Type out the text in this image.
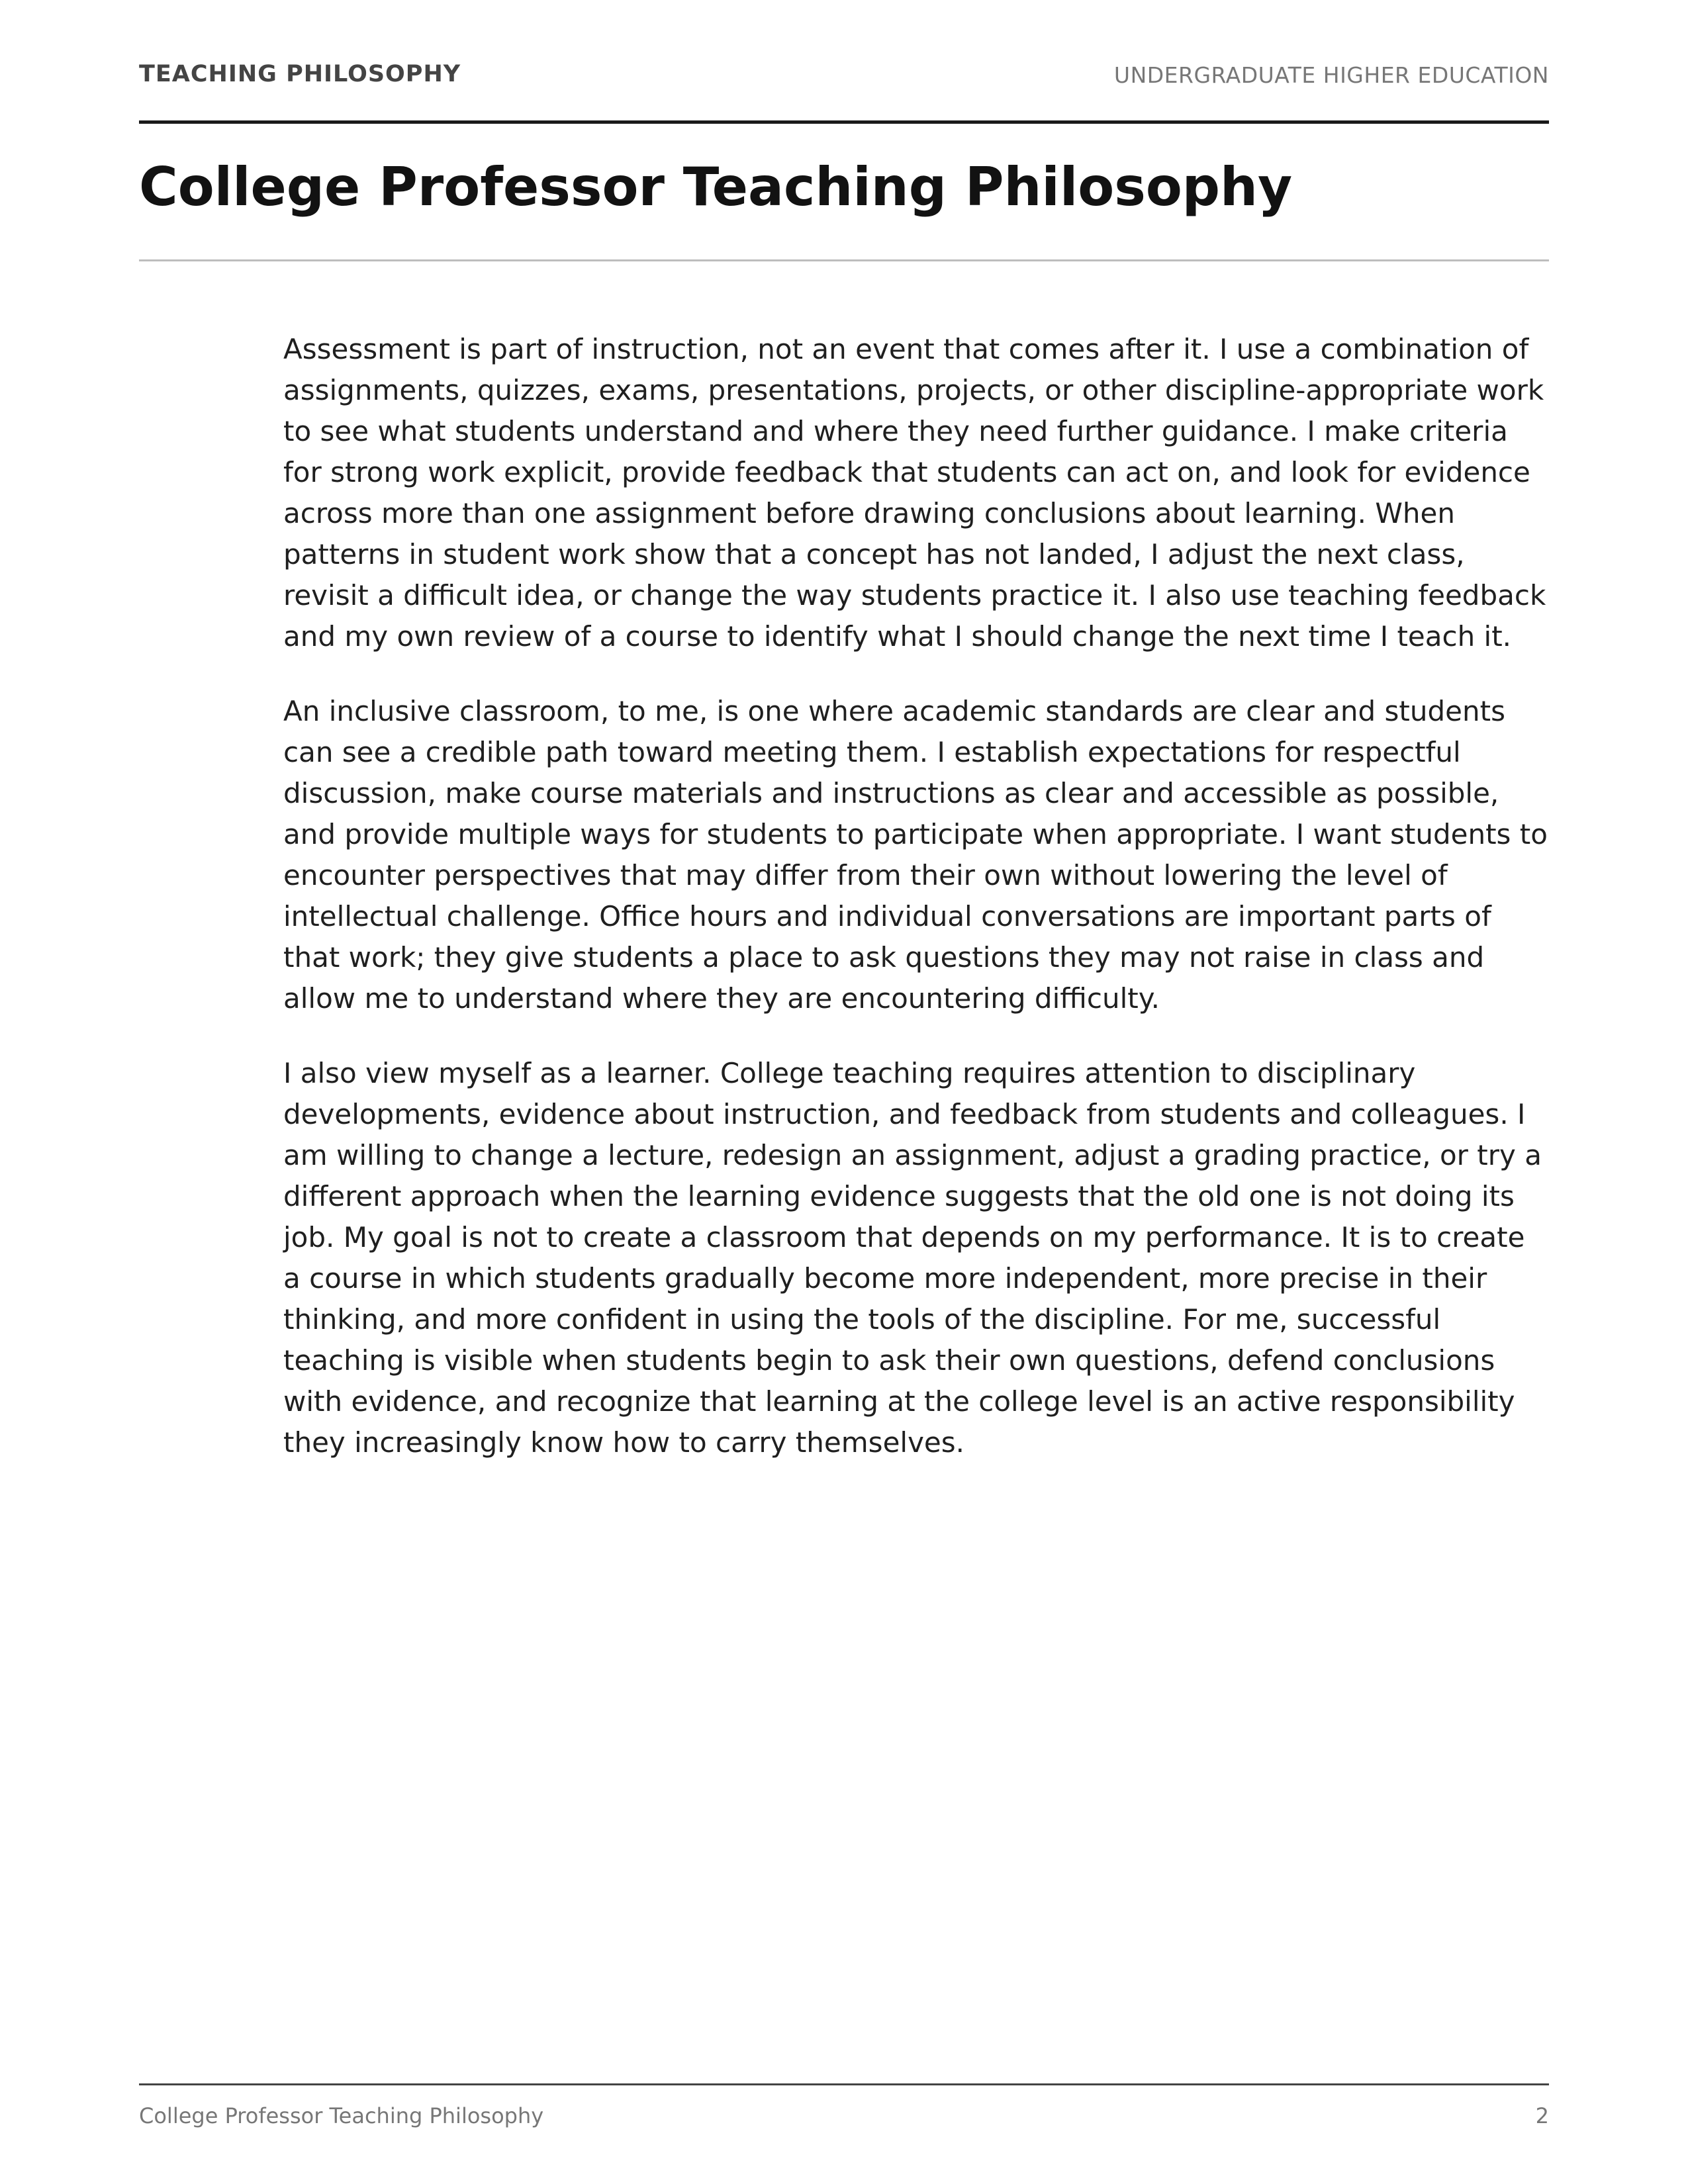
TEACHING PHILOSOPHY	UNDERGRADUATE HIGHER EDUCATION
College Professor Teaching Philosophy

Assessment is part of instruction, not an event that comes after it. I use a combination of assignments, quizzes, exams, presentations, projects, or other discipline-appropriate work to see what students understand and where they need further guidance. I make criteria for strong work explicit, provide feedback that students can act on, and look for evidence across more than one assignment before drawing conclusions about learning. When patterns in student work show that a concept has not landed, I adjust the next class, revisit a difficult idea, or change the way students practice it. I also use teaching feedback and my own review of a course to identify what I should change the next time I teach it.

An inclusive classroom, to me, is one where academic standards are clear and students can see a credible path toward meeting them. I establish expectations for respectful discussion, make course materials and instructions as clear and accessible as possible, and provide multiple ways for students to participate when appropriate. I want students to encounter perspectives that may differ from their own without lowering the level of intellectual challenge. Office hours and individual conversations are important parts of that work; they give students a place to ask questions they may not raise in class and allow me to understand where they are encountering difficulty.

I also view myself as a learner. College teaching requires attention to disciplinary developments, evidence about instruction, and feedback from students and colleagues. I am willing to change a lecture, redesign an assignment, adjust a grading practice, or try a different approach when the learning evidence suggests that the old one is not doing its job. My goal is not to create a classroom that depends on my performance. It is to create a course in which students gradually become more independent, more precise in their thinking, and more confident in using the tools of the discipline. For me, successful teaching is visible when students begin to ask their own questions, defend conclusions with evidence, and recognize that learning at the college level is an active responsibility they increasingly know how to carry themselves.

College Professor Teaching Philosophy	2
